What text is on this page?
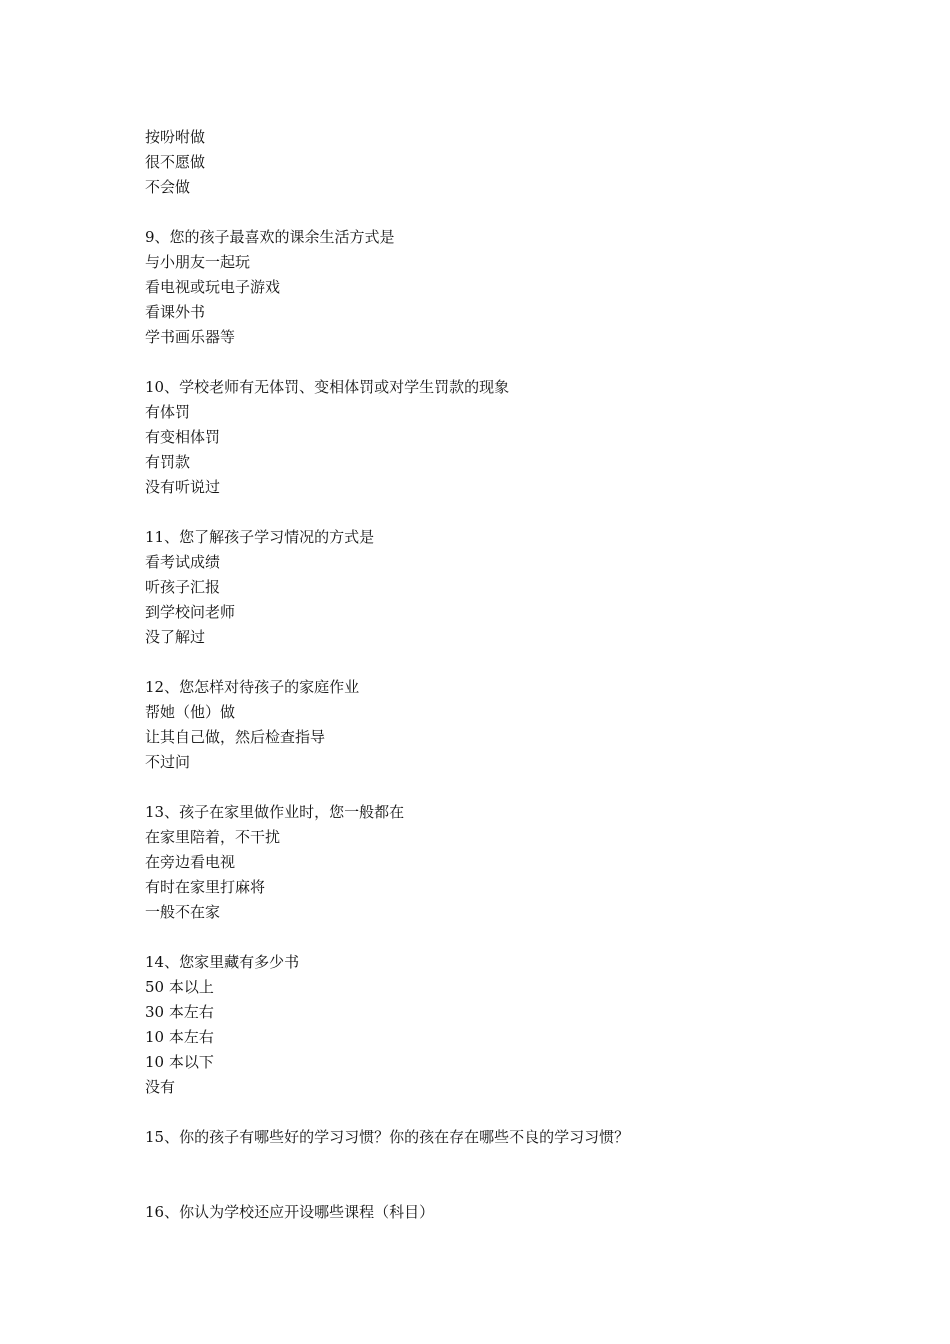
按吩咐做
很不愿做
不会做
9、您的孩子最喜欢的课余生活方式是
与小朋友一起玩
看电视或玩电子游戏
看课外书
学书画乐器等
10、学校老师有无体罚、变相体罚或对学生罚款的现象
有体罚
有变相体罚
有罚款
没有听说过
11、您了解孩子学习情况的方式是
看考试成绩
听孩子汇报
到学校问老师
没了解过
12、您怎样对待孩子的家庭作业
帮她（他）做
让其自己做，然后检查指导
不过问
13、孩子在家里做作业时，您一般都在
在家里陪着，不干扰
在旁边看电视
有时在家里打麻将
一般不在家
14、您家里藏有多少书
50 本以上
30 本左右
10 本左右
10 本以下
没有
15、你的孩子有哪些好的学习习惯？你的孩在存在哪些不良的学习习惯？
16、你认为学校还应开设哪些课程（科目）
